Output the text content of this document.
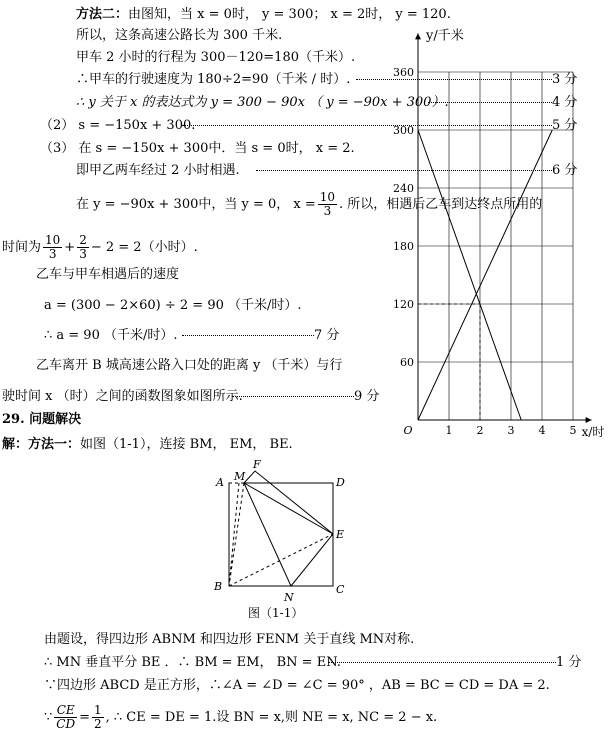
方法二：由图知，当 x = 0时， y = 300； x = 2时， y = 120.
所以，这条高速公路长为 300 千米.
甲车 2 小时的行程为 300－120=180（千米）.
∴甲车的行驶速度为 180÷2=90（千米 / 时）.	3 分
∴ y 关于 x 的表达式为 y = 300 − 90x （ y = −90x + 300）.	4 分
（2） s = −150x + 300.	5 分
（3） 在 s = −150x + 300中．当 s = 0时， x = 2.
即甲乙两车经过 2 小时相遇.	6 分
在 y = −90x + 300中，当 y = 0， $x = \frac{10}{3}$ . 所以，相遇后乙车到达终点所用的
时间为 $\frac{10}{3} + \frac{2}{3} - 2 = 2$（小时）.
乙车与甲车相遇后的速度
a = (300 − 2×60) ÷ 2 = 90 （千米/时）.
∴ a = 90 （千米/时）.	7 分
乙车离开 B 城高速公路入口处的距离 y （千米）与行
驶时间 x （时）之间的函数图象如图所示.	9 分
29. 问题解决
解：方法一：如图（1-1），连接 BM， EM， BE.
60
120
180
240
300
360
1 2 3 4 5
O
y/千米
x/时
A M
F
D
E
B
N
C
图（1-1）
由题设，得四边形 ABNM 和四边形 FENM 关于直线 MN对称.
∴ MN 垂直平分 BE ．∴ BM = EM， BN = EN.	1 分
∵四边形 ABCD 是正方形，∴∠A = ∠D = ∠C = 90° ，AB = BC = CD = DA = 2.
∵ $\frac{CE}{CD} = \frac{1}{2}$ , ∴ CE = DE = 1.设 BN = x,则 NE = x, NC = 2 − x.
